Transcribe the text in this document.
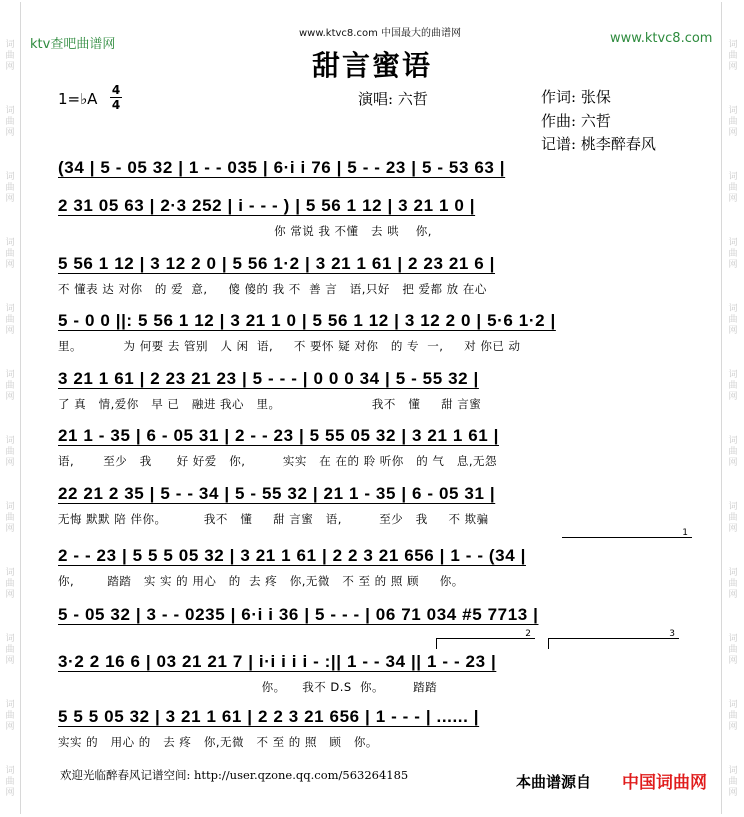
词曲网
词曲网
词曲网
词曲网
词曲网
词曲网
词曲网
词曲网
词曲网
词曲网
词曲网
词曲网
词曲网
词曲网
词曲网
词曲网
词曲网
词曲网
词曲网
词曲网
词曲网
词曲网
词曲网
词曲网
ktv查吧曲谱网
www.ktvc8.com 中国最大的曲谱网	www.ktvc8.com
甜言蜜语
1=♭A 4
4	演唱: 六哲	作词: 张保
作曲: 六哲
记谱: 桃李醉春风
(34 | 5 - 05 32 | 1 - - 035 | 6·i i 76 | 5 - - 23 | 5 - 53 63 |
2 31 05 63 | 2·3 252 | i - - - ) | 5 56 1 12 | 3 21 1 0 |
你 常说 我 不懂   去 哄    你,
5 56 1 12 | 3 12 2 0 | 5 56 1·2 | 3 21 1 61 | 2 23 21 6 |
不 懂表 达 对你   的 爱  意,     傻 傻的 我 不  善 言   语,只好   把 爱都 放 在心
5 - 0 0 ||: 5 56 1 12 | 3 21 1 0 | 5 56 1 12 | 3 12 2 0 | 5·6 1·2 |
里。          为 何要 去 管别   人 闲  语,     不 要怀 疑 对你   的 专  一,     对 你已 动
3 21 1 61 | 2 23 21 23 | 5 - - - | 0 0 0 34 | 5 - 55 32 |
了 真   情,爱你   早 已   融进 我心   里。                      我不   懂     甜 言蜜
21 1 - 35 | 6 - 05 31 | 2 - - 23 | 5 55 05 32 | 3 21 1 61 |
语,       至少   我      好 好爱   你,         实实   在 在的 聆 听你   的 气   息,无怨
22 21 2 35 | 5 - - 34 | 5 - 55 32 | 21 1 - 35 | 6 - 05 31 |
无悔 默默 陪 伴你。         我不   懂     甜 言蜜   语,         至少   我     不 欺骗
1
2 - - 23 | 5 5 5 05 32 | 3 21 1 61 | 2 2 3 21 656 | 1 - - (34 |
你,        踏踏   实 实 的 用心   的  去 疼   你,无微   不 至 的 照 顾     你。
5 - 05 32 | 3 - - 0235 | 6·i i 36 | 5 - - - | 06 71 034 #5 7713 |
2	3
3·2 2 16 6 | 03 21 21 7 | i·i i i i - :|| 1 - - 34 || 1 - - 23 |
你。    我不 D.S  你。       踏踏
5 5 5 05 32 | 3 21 1 61 | 2 2 3 21 656 | 1 - - - | ...... |
实实 的   用心 的   去 疼   你,无微   不 至 的 照   顾   你。
欢迎光临醉春风记谱空间: http://user.qzone.qq.com/563264185	本曲谱源自 中国词曲网
